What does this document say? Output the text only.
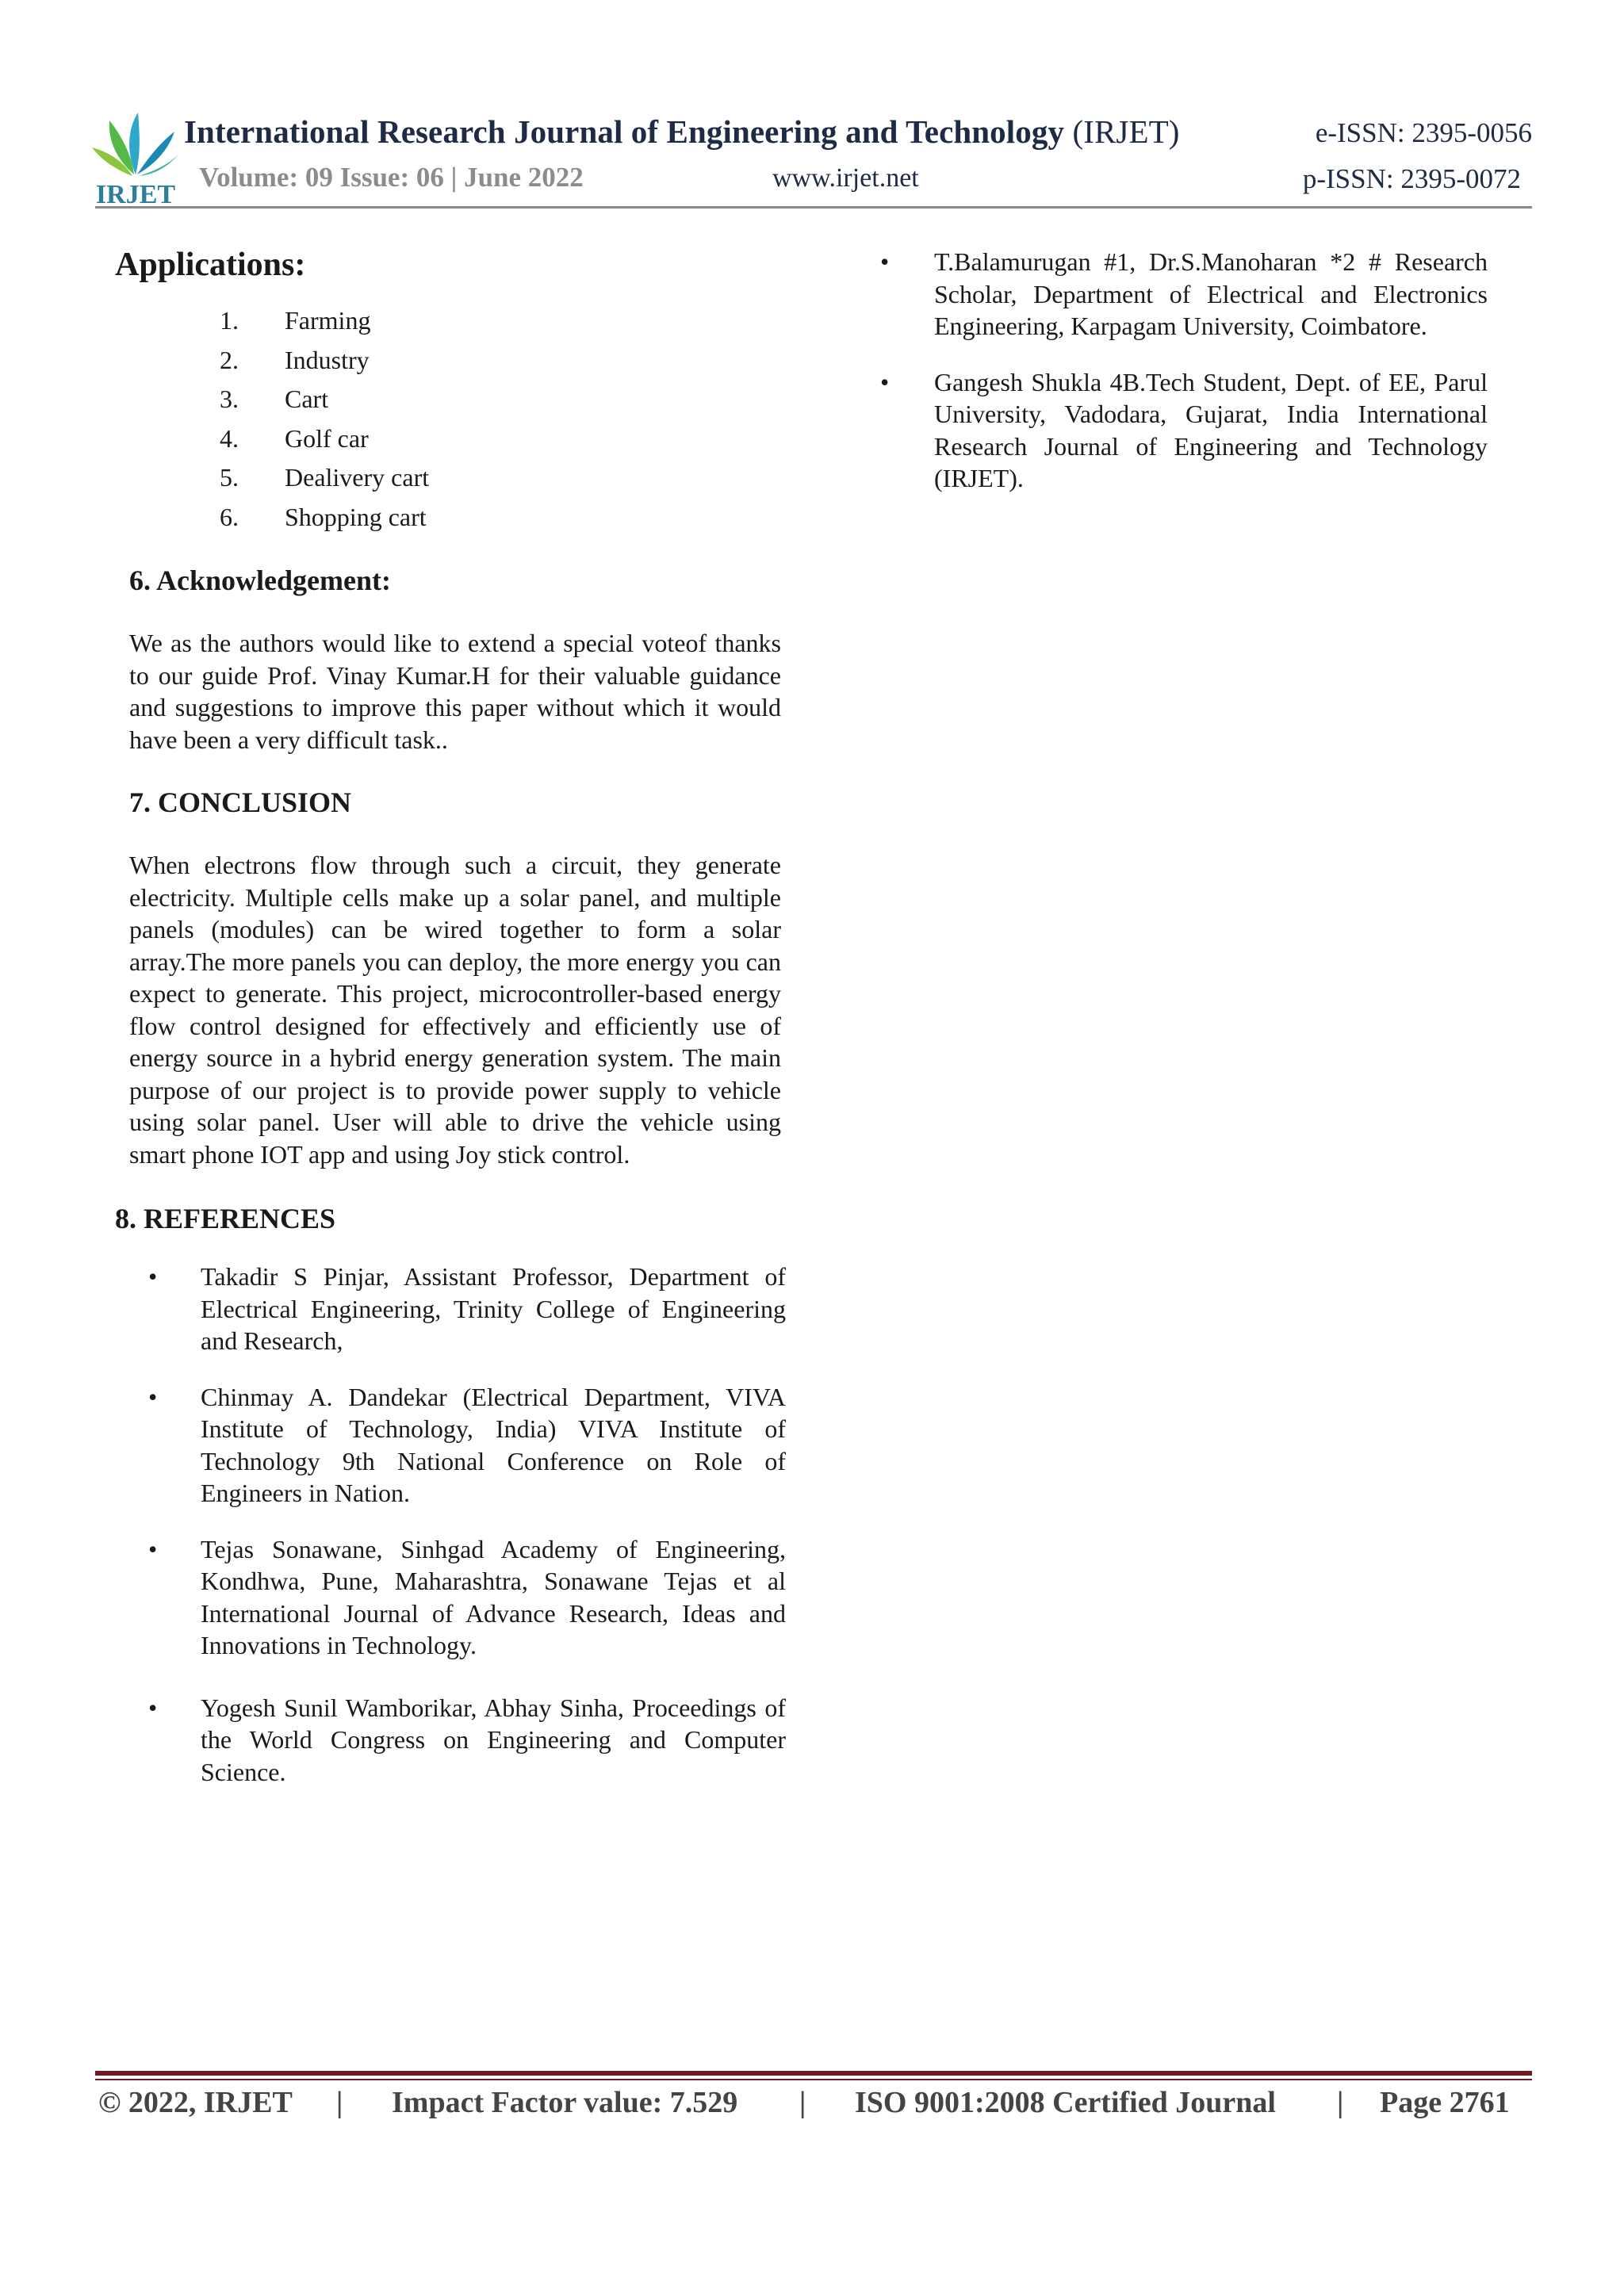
IRJET
International Research Journal of Engineering and Technology (IRJET)	e-ISSN: 2395-0056
Volume: 09 Issue: 06 | June 2022	www.irjet.net	p-ISSN: 2395-0072
Applications:
1. Farming
2. Industry
3. Cart
4. Golf car
5. Dealivery cart
6. Shopping cart
6. Acknowledgement:

We as the authors would like to extend a special voteof thanks to our guide Prof. Vinay Kumar.H for their valuable guidance and suggestions to improve this paper without which it would have been a very difficult task..

7. CONCLUSION

When electrons flow through such a circuit, they generate electricity. Multiple cells make up a solar panel, and multiple panels (modules) can be wired together to form a solar array.The more panels you can deploy, the more energy you can expect to generate. This project, microcontroller-based energy flow control designed for effectively and efficiently use of energy source in a hybrid energy generation system. The main purpose of our project is to provide power supply to vehicle using solar panel. User will able to drive the vehicle using smart phone IOT app and using Joy stick control.

8. REFERENCES
• Takadir S Pinjar, Assistant Professor, Department of Electrical Engineering, Trinity College of Engineering and Research,
• Chinmay A. Dandekar (Electrical Department, VIVA Institute of Technology, India) VIVA Institute of Technology 9th National Conference on Role of Engineers in Nation.
• Tejas Sonawane, Sinhgad Academy of Engineering, Kondhwa, Pune, Maharashtra, Sonawane Tejas et al International Journal of Advance Research, Ideas and Innovations in Technology.
• Yogesh Sunil Wamborikar, Abhay Sinha, Proceedings of the World Congress on Engineering and Computer Science.
• T.Balamurugan #1, Dr.S.Manoharan *2 # Research Scholar, Department of Electrical and Electronics Engineering, Karpagam University, Coimbatore.
• Gangesh Shukla 4B.Tech Student, Dept. of EE, Parul University, Vadodara, Gujarat, India International Research Journal of Engineering and Technology (IRJET).
© 2022, IRJET | Impact Factor value: 7.529 | ISO 9001:2008 Certified Journal | Page 2761
